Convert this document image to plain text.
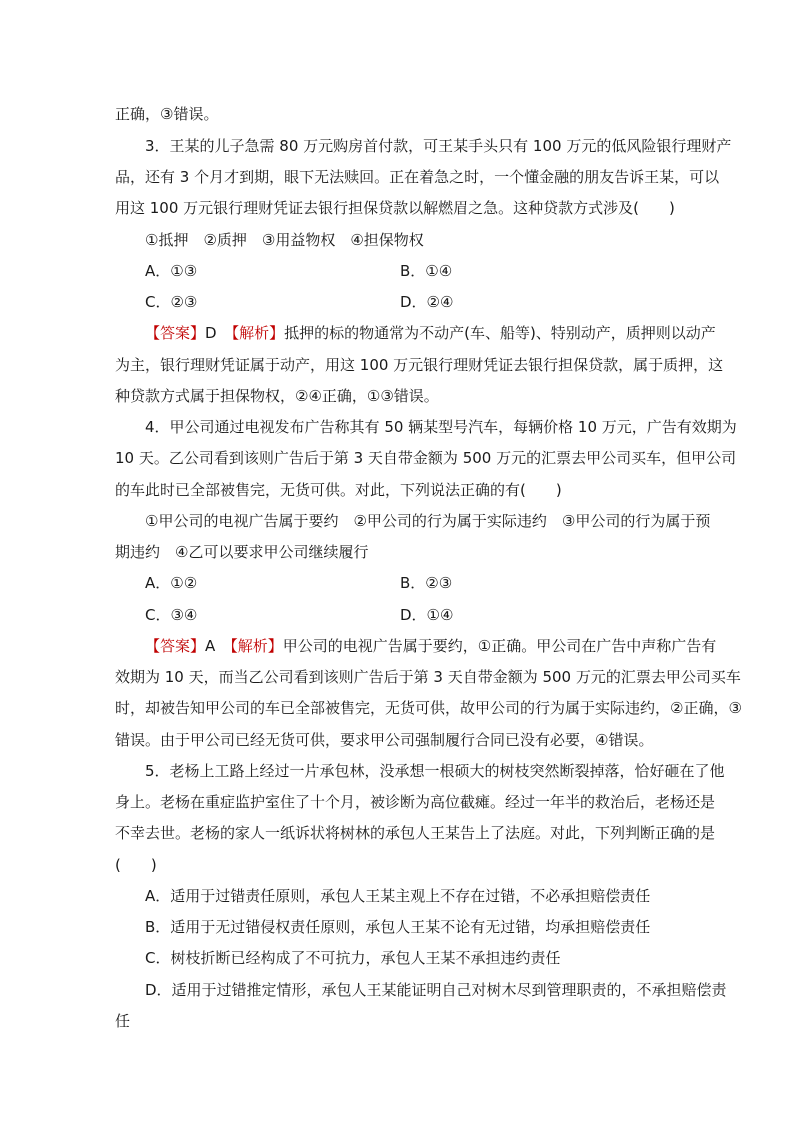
正确，③错误。
3．王某的儿子急需 80 万元购房首付款，可王某手头只有 100 万元的低风险银行理财产
品，还有 3 个月才到期，眼下无法赎回。正在着急之时，一个懂金融的朋友告诉王某，可以
用这 100 万元银行理财凭证去银行担保贷款以解燃眉之急。这种贷款方式涉及(　　)
①抵押　②质押　③用益物权　④担保物权
A．①③	B．①④
C．②③	D．②④
【答案】D　【解析】抵押的标的物通常为不动产(车、船等)、特别动产，质押则以动产
为主，银行理财凭证属于动产，用这 100 万元银行理财凭证去银行担保贷款，属于质押，这
种贷款方式属于担保物权，②④正确，①③错误。
4．甲公司通过电视发布广告称其有 50 辆某型号汽车，每辆价格 10 万元，广告有效期为
10 天。乙公司看到该则广告后于第 3 天自带金额为 500 万元的汇票去甲公司买车，但甲公司
的车此时已全部被售完，无货可供。对此，下列说法正确的有(　　)
①甲公司的电视广告属于要约　②甲公司的行为属于实际违约　③甲公司的行为属于预
期违约　④乙可以要求甲公司继续履行
A．①②	B．②③
C．③④	D．①④
【答案】A　【解析】甲公司的电视广告属于要约，①正确。甲公司在广告中声称广告有
效期为 10 天，而当乙公司看到该则广告后于第 3 天自带金额为 500 万元的汇票去甲公司买车
时，却被告知甲公司的车已全部被售完，无货可供，故甲公司的行为属于实际违约，②正确，③
错误。由于甲公司已经无货可供，要求甲公司强制履行合同已没有必要，④错误。
5．老杨上工路上经过一片承包林，没承想一根硕大的树枝突然断裂掉落，恰好砸在了他
身上。老杨在重症监护室住了十个月，被诊断为高位截瘫。经过一年半的救治后，老杨还是
不幸去世。老杨的家人一纸诉状将树林的承包人王某告上了法庭。对此，下列判断正确的是
(　　)
A．适用于过错责任原则，承包人王某主观上不存在过错，不必承担赔偿责任
B．适用于无过错侵权责任原则，承包人王某不论有无过错，均承担赔偿责任
C．树枝折断已经构成了不可抗力，承包人王某不承担违约责任
D．适用于过错推定情形，承包人王某能证明自己对树木尽到管理职责的，不承担赔偿责
任
